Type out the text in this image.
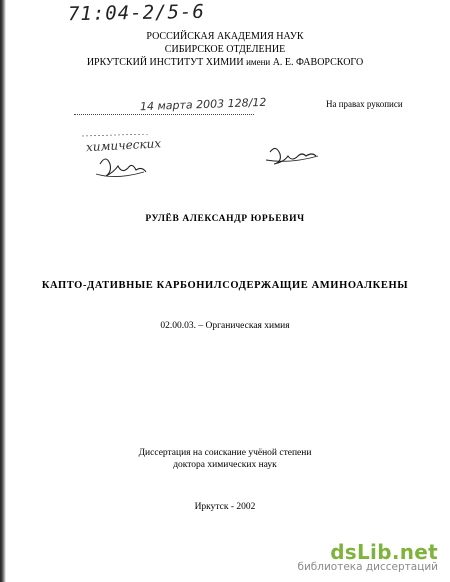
71:04-2/5-6
РОССИЙСКАЯ АКАДЕМИЯ НАУК
СИБИРСКОЕ ОТДЕЛЕНИЕ
ИРКУТСКИЙ ИНСТИТУТ ХИМИИ имени А. Е. ФАВОРСКОГО
14 марта 2003 128/12	На правах рукописи
химических
РУЛЁВ АЛЕКСАНДР ЮРЬЕВИЧ
КАПТО-ДАТИВНЫЕ КАРБОНИЛСОДЕРЖАЩИЕ АМИНОАЛКЕНЫ
02.00.03. – Органическая химия
Диссертация на соискание учёной степени
доктора химических наук
Иркутск - 2002
dsLib.net
библиотека диссертаций
